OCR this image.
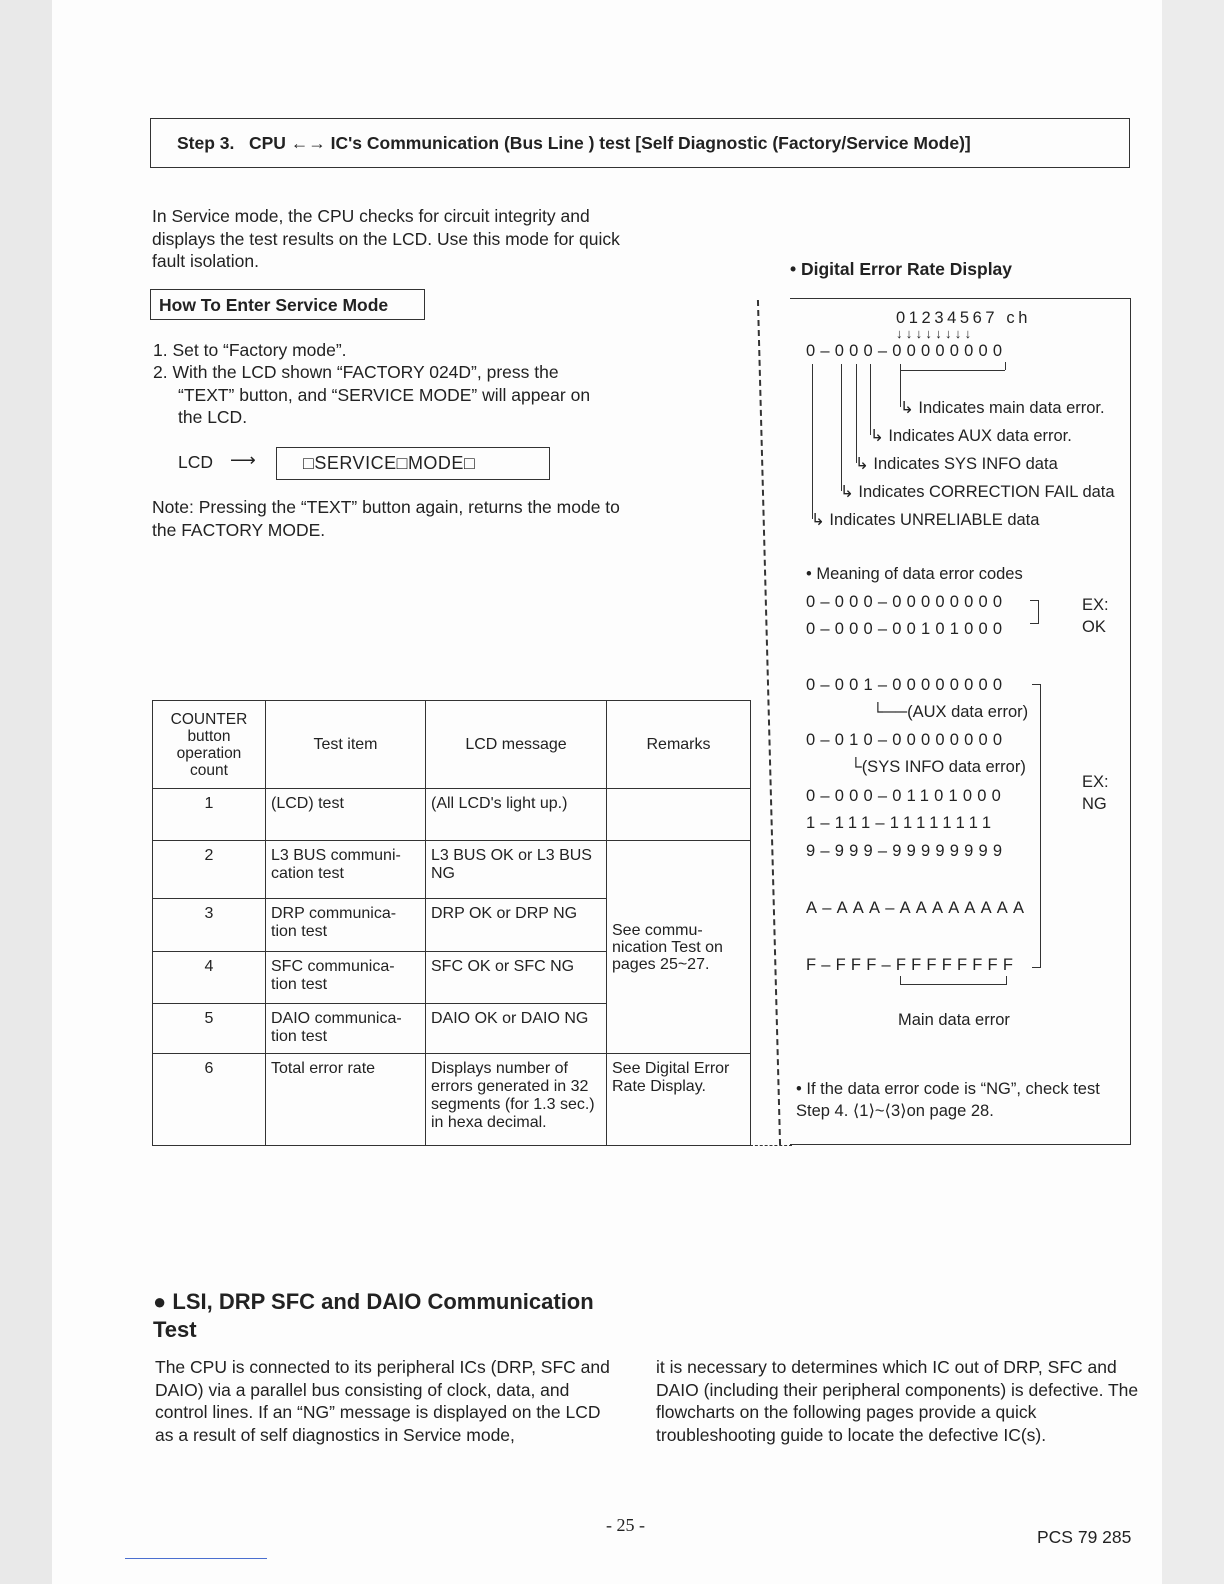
Step 3.   CPU ←→ IC's Communication (Bus Line ) test [Self Diagnostic (Factory/Service Mode)]
In Service mode, the CPU checks for circuit integrity and displays the test results on the LCD. Use this mode for quick fault isolation.
How To Enter Service Mode
1. Set to “Factory mode”.
2. With the LCD shown “FACTORY 024D”, press the
“TEXT” button, and “SERVICE MODE” will appear on
the LCD.
LCD ⟶	□SERVICE□MODE□
Note: Pressing the “TEXT” button again, returns the mode to the FACTORY MODE.
COUNTER button operation count	Test item	LCD message	Remarks
1	(LCD) test	(All LCD's light up.)	
2	L3 BUS communi-cation test	L3 BUS OK or L3 BUS NG	See commu-nication Test on pages 25~27.
3	DRP communica-tion test	DRP OK or DRP NG	
4	SFC communica-tion test	SFC OK or SFC NG	
5	DAIO communica-tion test	DAIO OK or DAIO NG	
6	Total error rate	Displays number of errors generated in 32 segments (for 1.3 sec.) in hexa decimal.	See Digital Error Rate Display.
• Digital Error Rate Display
01234567 ch
↓↓↓↓↓↓↓↓
0–000–00000000
↳ Indicates main data error.
↳ Indicates AUX data error.
↳ Indicates SYS INFO data
↳ Indicates CORRECTION FAIL data
↳ Indicates UNRELIABLE data
• Meaning of data error codes
0–000–00000000
0–000–00101000
EX: OK
0–001–00000000
└──(AUX data error)
0–010–00000000
└(SYS INFO data error)
0–000–01101000
1–111–11111111
9–999–99999999
A–AAA–AAAAAAAA
F–FFF–FFFFFFFF
EX: NG
Main data error
• If the data error code is “NG”, check test Step 4. ⟨1⟩~⟨3⟩on page 28.
● LSI, DRP SFC and DAIO Communication Test
The CPU is connected to its peripheral ICs (DRP, SFC and DAIO) via a parallel bus consisting of clock, data, and control lines. If an “NG” message is displayed on the LCD as a result of self diagnostics in Service mode,
it is necessary to determines which IC out of DRP, SFC and DAIO (including their peripheral components) is defective. The flowcharts on the following pages provide a quick troubleshooting guide to locate the defective IC(s).
- 25 -
PCS 79 285
